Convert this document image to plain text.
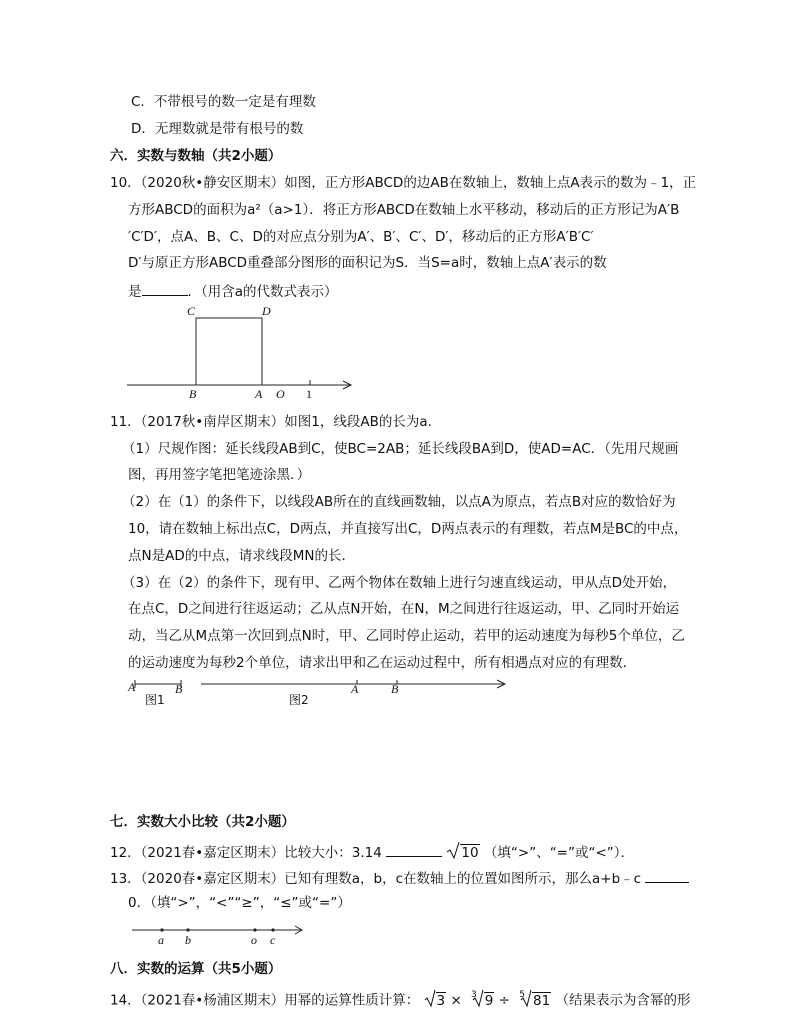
C．不带根号的数一定是有理数
D．无理数就是带有根号的数
六．实数与数轴（共2小题）
10．（2020秋•静安区期末）如图，正方形ABCD的边AB在数轴上，数轴上点A表示的数为﹣1，正
方形ABCD的面积为a²（a>1）．将正方形ABCD在数轴上水平移动，移动后的正方形记为A′B
′C′D′，点A、B、C、D的对应点分别为A′、B′、C′、D′，移动后的正方形A′B′C′
D′与原正方形ABCD重叠部分图形的面积记为S．当S=a时，数轴上点A′表示的数
是	．（用含a的代数式表示）
C	D
B	A O 1
11．（2017秋•南岸区期末）如图1，线段AB的长为a．
（1）尺规作图：延长线段AB到C，使BC=2AB；延长线段BA到D，使AD=AC．（先用尺规画
图，再用签字笔把笔迹涂黑．）
（2）在（1）的条件下，以线段AB所在的直线画数轴，以点A为原点，若点B对应的数恰好为
10，请在数轴上标出点C，D两点，并直接写出C，D两点表示的有理数，若点M是BC的中点，
点N是AD的中点，请求线段MN的长．
（3）在（2）的条件下，现有甲、乙两个物体在数轴上进行匀速直线运动，甲从点D处开始，
在点C，D之间进行往返运动；乙从点N开始，在N，M之间进行往返运动，甲、乙同时开始运
动，当乙从M点第一次回到点N时，甲、乙同时停止运动，若甲的运动速度为每秒5个单位，乙
的运动速度为每秒2个单位，请求出甲和乙在运动过程中，所有相遇点对应的有理数．
A	B
图1
A	B
图2
七．实数大小比较（共2小题）
12．（2021春•嘉定区期末）比较大小：3.14	10 （填“>”、“=”或“<”）．
13．（2020春•嘉定区期末）已知有理数a，b，c在数轴上的位置如图所示，那么a+b﹣c
0．（填“>”，“<”“≥”，“≤”或“=”）
a b	o c
八．实数的运算（共5小题）
14．（2021春•杨浦区期末）用幂的运算性质计算： 3 × $^3$ 9 ÷ $^5$ 81 （结果表示为含幂的形
